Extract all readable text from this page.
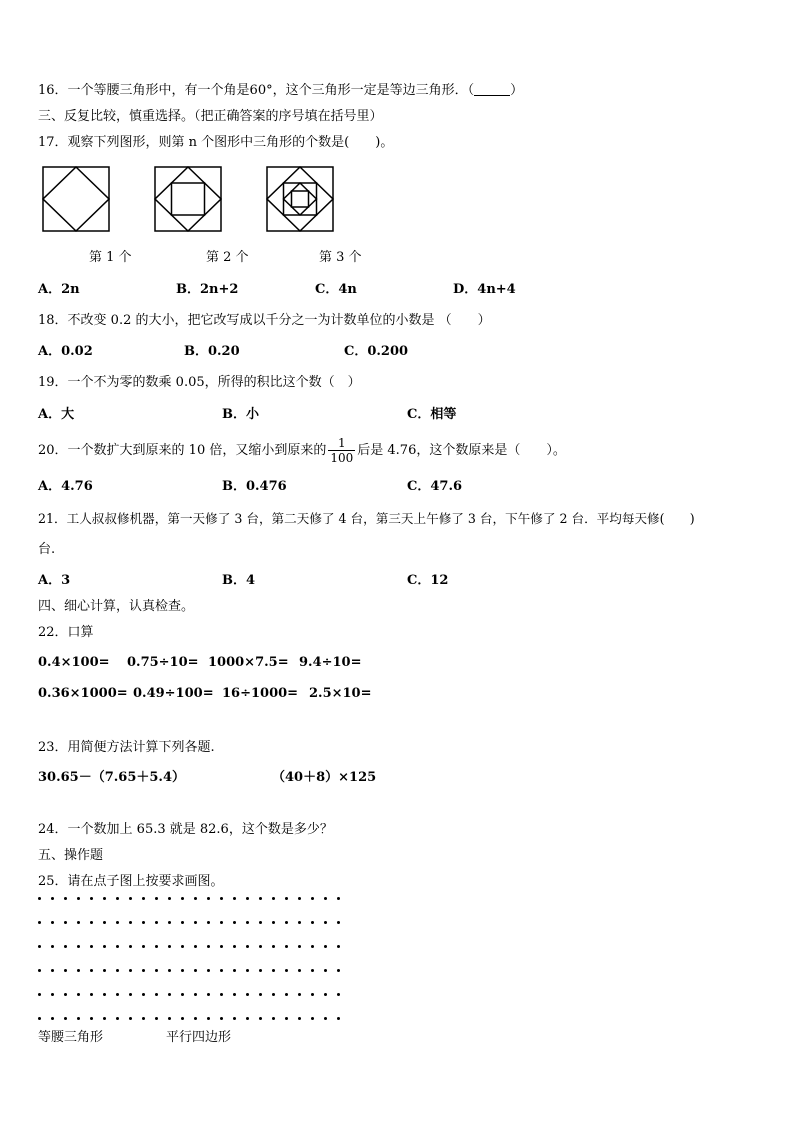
16．一个等腰三角形中，有一个角是60°，这个三角形一定是等边三角形．（	）
三、反复比较，慎重选择。（把正确答案的序号填在括号里）
17．观察下列图形，则第 n 个图形中三角形的个数是(　　)。
第 1 个	第 2 个	第 3 个
A．2n	B．2n+2	C．4n	D．4n+4
18．不改变 0.2 的大小，把它改写成以千分之一为计数单位的小数是 （　　）
A．0.02	B．0.20	C．0.200
19．一个不为零的数乘 0.05，所得的积比这个数（　）
A．大	B．小	C．相等
20．一个数扩大到原来的 10 倍，又缩小到原来的 $\frac{1}{100}$ 后是 4.76，这个数原来是（　　）。
A．4.76	B．0.476	C．47.6
21．工人叔叔修机器，第一天修了 3 台，第二天修了 4 台，第三天上午修了 3 台，下午修了 2 台．平均每天修(　　)
台.
A．3	B．4	C．12
四、细心计算，认真检查。
22．口算
0.4×100= 0.75÷10= 1000×7.5= 9.4÷10=
0.36×1000= 0.49÷100= 16÷1000= 2.5×10=
23．用简便方法计算下列各题.
30.65－（7.65＋5.4）	（40＋8）×125
24．一个数加上 65.3 就是 82.6，这个数是多少？
五、操作题
25．请在点子图上按要求画图。
等腰三角形	平行四边形
